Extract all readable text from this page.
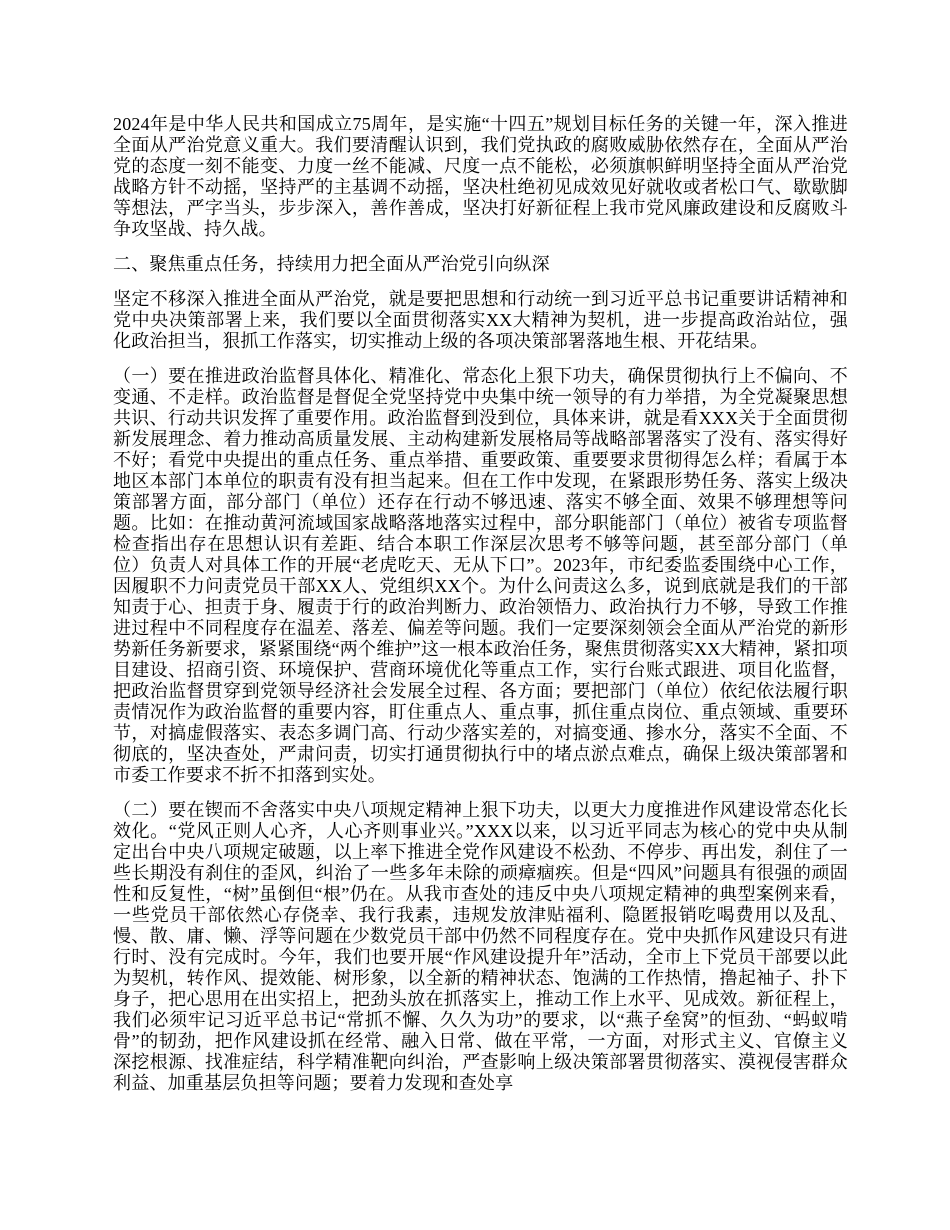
2024年是中华人民共和国成立75周年，是实施“十四五”规划目标任务的关键一年，深入推进全面从严治党意义重大。我们要清醒认识到，我们党执政的腐败威胁依然存在，全面从严治党的态度一刻不能变、力度一丝不能减、尺度一点不能松，必须旗帜鲜明坚持全面从严治党战略方针不动摇，坚持严的主基调不动摇，坚决杜绝初见成效见好就收或者松口气、歇歇脚等想法，严字当头，步步深入，善作善成，坚决打好新征程上我市党风廉政建设和反腐败斗争攻坚战、持久战。

二、聚焦重点任务，持续用力把全面从严治党引向纵深

坚定不移深入推进全面从严治党，就是要把思想和行动统一到习近平总书记重要讲话精神和党中央决策部署上来，我们要以全面贯彻落实XX大精神为契机，进一步提高政治站位，强化政治担当，狠抓工作落实，切实推动上级的各项决策部署落地生根、开花结果。

（一）要在推进政治监督具体化、精准化、常态化上狠下功夫，确保贯彻执行上不偏向、不变通、不走样。政治监督是督促全党坚持党中央集中统一领导的有力举措，为全党凝聚思想共识、行动共识发挥了重要作用。政治监督到没到位，具体来讲，就是看XXX关于全面贯彻新发展理念、着力推动高质量发展、主动构建新发展格局等战略部署落实了没有、落实得好不好；看党中央提出的重点任务、重点举措、重要政策、重要要求贯彻得怎么样；看属于本地区本部门本单位的职责有没有担当起来。但在工作中发现，在紧跟形势任务、落实上级决策部署方面，部分部门（单位）还存在行动不够迅速、落实不够全面、效果不够理想等问题。比如：在推动黄河流域国家战略落地落实过程中，部分职能部门（单位）被省专项监督检查指出存在思想认识有差距、结合本职工作深层次思考不够等问题，甚至部分部门（单位）负责人对具体工作的开展“老虎吃天、无从下口”。2023年，市纪委监委围绕中心工作，因履职不力问责党员干部XX人、党组织XX个。为什么问责这么多，说到底就是我们的干部知责于心、担责于身、履责于行的政治判断力、政治领悟力、政治执行力不够，导致工作推进过程中不同程度存在温差、落差、偏差等问题。我们一定要深刻领会全面从严治党的新形势新任务新要求，紧紧围绕“两个维护”这一根本政治任务，聚焦贯彻落实XX大精神，紧扣项目建设、招商引资、环境保护、营商环境优化等重点工作，实行台账式跟进、项目化监督，把政治监督贯穿到党领导经济社会发展全过程、各方面；要把部门（单位）依纪依法履行职责情况作为政治监督的重要内容，盯住重点人、重点事，抓住重点岗位、重点领域、重要环节，对搞虚假落实、表态多调门高、行动少落实差的，对搞变通、掺水分，落实不全面、不彻底的，坚决查处，严肃问责，切实打通贯彻执行中的堵点淤点难点，确保上级决策部署和市委工作要求不折不扣落到实处。

（二）要在锲而不舍落实中央八项规定精神上狠下功夫，以更大力度推进作风建设常态化长效化。“党风正则人心齐，人心齐则事业兴。”XXX以来，以习近平同志为核心的党中央从制定出台中央八项规定破题，以上率下推进全党作风建设不松劲、不停步、再出发，刹住了一些长期没有刹住的歪风，纠治了一些多年未除的顽瘴痼疾。但是“四风”问题具有很强的顽固性和反复性，“树”虽倒但“根”仍在。从我市查处的违反中央八项规定精神的典型案例来看，一些党员干部依然心存侥幸、我行我素，违规发放津贴福利、隐匿报销吃喝费用以及乱、慢、散、庸、懒、浮等问题在少数党员干部中仍然不同程度存在。党中央抓作风建设只有进行时、没有完成时。今年，我们也要开展“作风建设提升年”活动，全市上下党员干部要以此为契机，转作风、提效能、树形象，以全新的精神状态、饱满的工作热情，撸起袖子、扑下身子，把心思用在出实招上，把劲头放在抓落实上，推动工作上水平、见成效。新征程上，我们必须牢记习近平总书记“常抓不懈、久久为功”的要求，以“燕子垒窝”的恒劲、“蚂蚁啃骨”的韧劲，把作风建设抓在经常、融入日常、做在平常，一方面，对形式主义、官僚主义深挖根源、找准症结，科学精准靶向纠治，严查影响上级决策部署贯彻落实、漠视侵害群众利益、加重基层负担等问题；要着力发现和查处享
